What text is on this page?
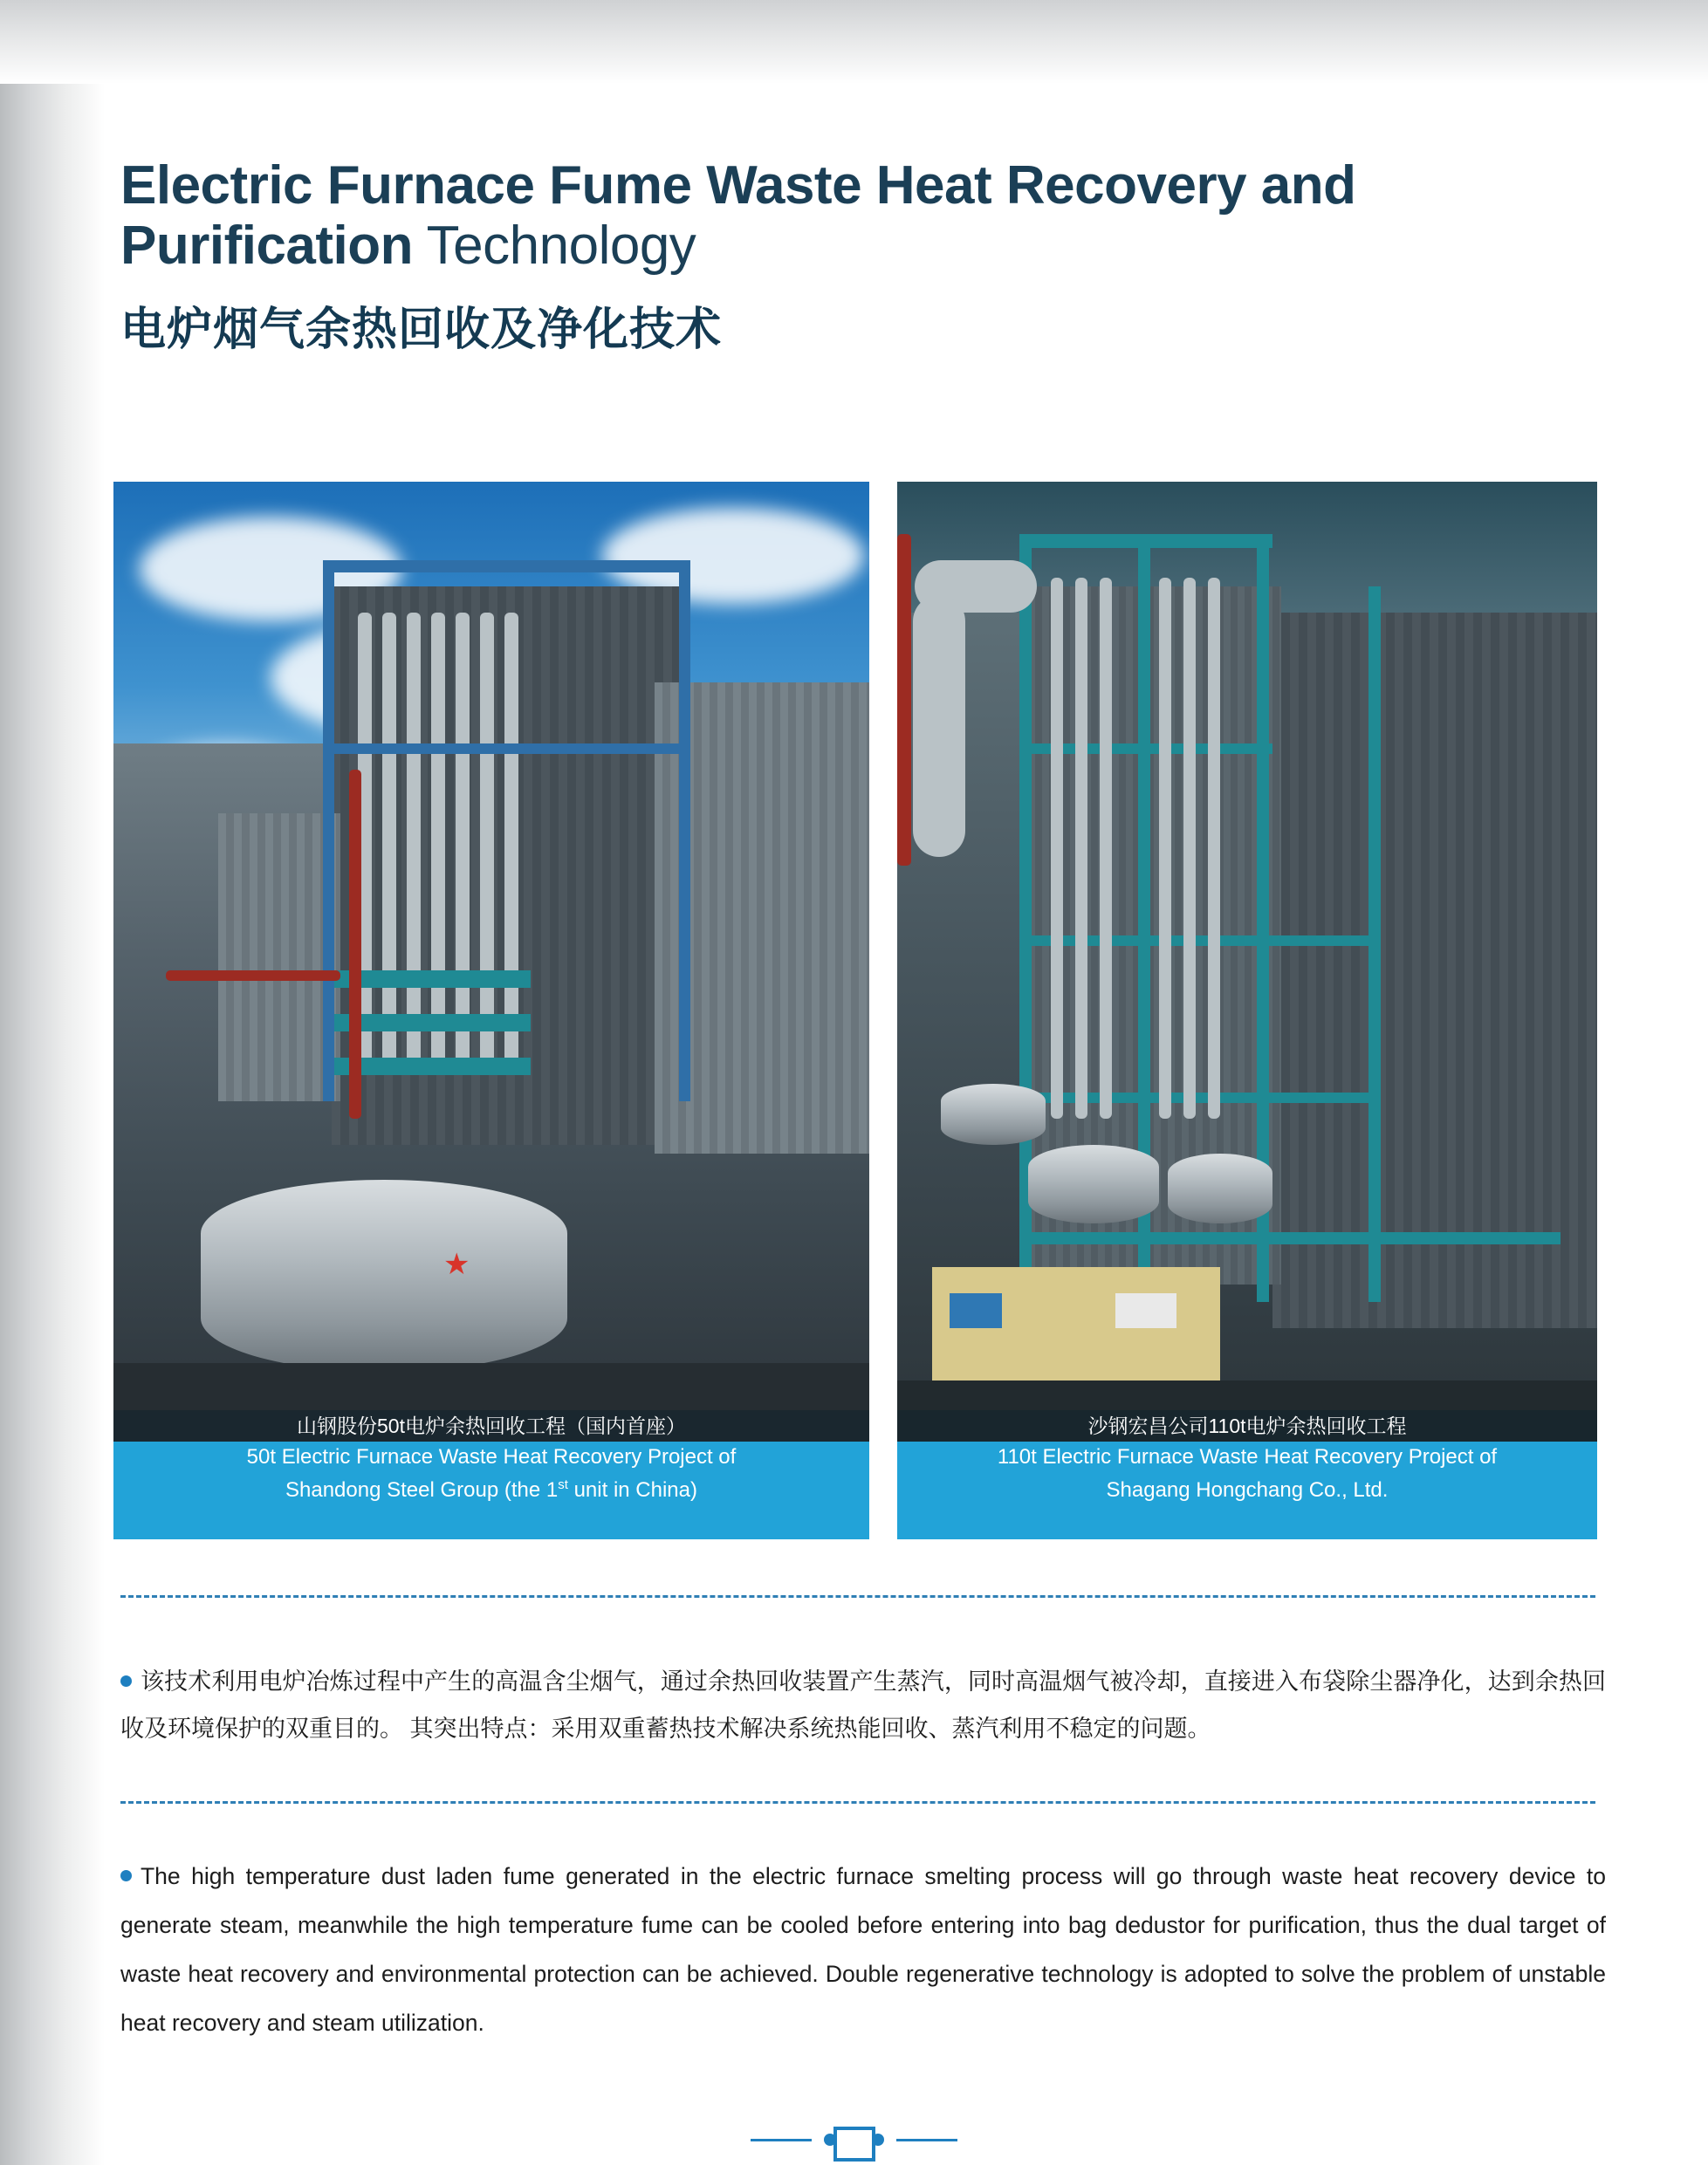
Electric Furnace Fume Waste Heat Recovery and Purification Technology
电炉烟气余热回收及净化技术
★
山钢股份50t电炉余热回收工程（国内首座）
50t Electric Furnace Waste Heat Recovery Project of
Shandong Steel Group (the 1st unit in China)
沙钢宏昌公司110t电炉余热回收工程
110t Electric Furnace Waste Heat Recovery Project of
Shagang Hongchang Co., Ltd.
该技术利用电炉冶炼过程中产生的高温含尘烟气，通过余热回收装置产生蒸汽，同时高温烟气被冷却，直接进入布袋除尘器净化，达到余热回收及环境保护的双重目的。 其突出特点：采用双重蓄热技术解决系统热能回收、蒸汽利用不稳定的问题。
The high temperature dust laden fume generated in the electric furnace smelting process will go through waste heat recovery device to generate steam, meanwhile the high temperature fume can be cooled before entering into bag dedustor for purification, thus the dual target of waste heat recovery and environmental protection can be achieved. Double regenerative technology is adopted to solve the problem of unstable heat recovery and steam utilization.
